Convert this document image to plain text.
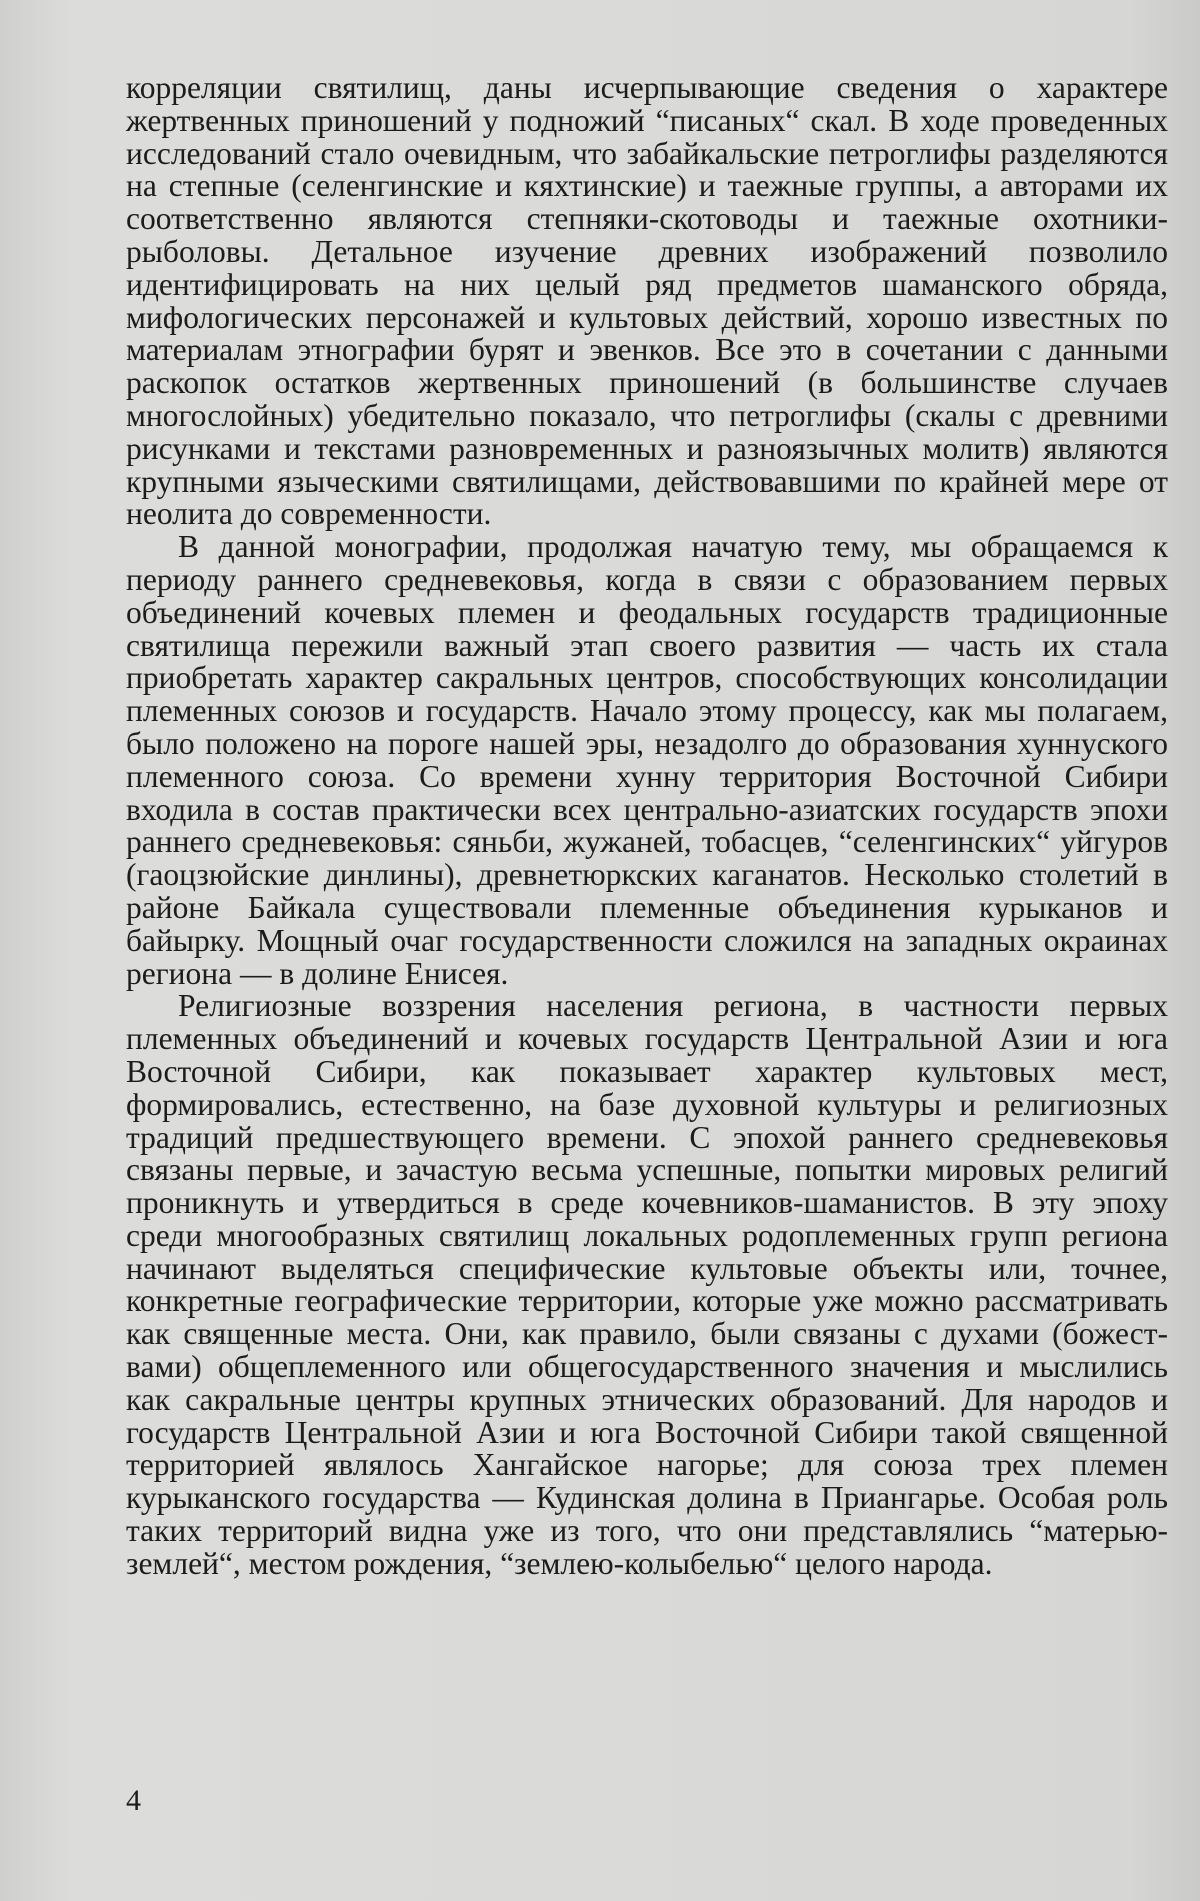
корреляции святилищ, даны исчерпывающие сведения о характере жертвенных приношений у подножий “писаных“ скал. В ходе проведенных исследований стало очевидным, что забайкальские петроглифы разделяются на степные (селенгинские и кяхтинские) и таежные группы, а авторами их соответственно являются степняки-скотоводы и таежные охотники-рыболовы. Детальное изучение древних изображений позволило идентифицировать на них целый ряд предметов шаманского обряда, мифологических персонажей и культовых действий, хорошо известных по материалам этнографии бурят и эвенков. Все это в сочетании с данными раскопок остатков жертвенных приношений (в большинстве случаев многослойных) убедительно показало, что петроглифы (скалы с древними рисунками и текстами разновременных и разноязычных молитв) являются крупными языческими святилищами, действовавшими по крайней мере от неолита до современности.

В данной монографии, продолжая начатую тему, мы обращаемся к периоду раннего средневековья, когда в связи с образованием первых объединений кочевых племен и феодальных государств традиционные святилища пережили важный этап своего развития — часть их стала приобретать характер сакральных центров, способствующих консолидации племенных союзов и государств. Начало этому процессу, как мы полагаем, было положено на пороге нашей эры, незадолго до образования хуннуского племенного союза. Со времени хунну территория Восточной Сибири входила в состав практически всех центрально-азиатских государств эпохи раннего средневековья: сяньби, жужаней, тобасцев, “селенгинских“ уйгуров (гаоцзюйские динлины), древнетюркских каганатов. Несколько столетий в районе Байкала существовали племенные объединения курыканов и байырку. Мощный очаг государственности сложился на западных окраинах региона — в долине Енисея.

Религиозные воззрения населения региона, в частности первых племенных объединений и кочевых государств Центральной Азии и юга Восточной Сибири, как показывает характер культовых мест, формировались, естественно, на базе духовной культуры и религиозных традиций предшествующего времени. С эпохой раннего средневековья связаны первые, и зачастую весьма успешные, попытки мировых религий проникнуть и утвердиться в среде кочевников-шаманистов. В эту эпоху среди многообразных святилищ локальных родоплеменных групп региона начинают выделяться специфические культовые объекты или, точнее, конкретные географические территории, которые уже можно рассматривать как священные места. Они, как правило, были связаны с духами (божествами) общеплеменного или общегосударственного значения и мыслились как сакральные центры крупных этнических образований. Для народов и государств Центральной Азии и юга Восточной Сибири такой священной территорией являлось Хангайское нагорье; для союза трех племен курыканского государства — Кудинская долина в Приангарье. Особая роль таких территорий видна уже из того, что они представлялись “матерью-землей“, местом рождения, “землею-колыбелью“ целого народа.

4
